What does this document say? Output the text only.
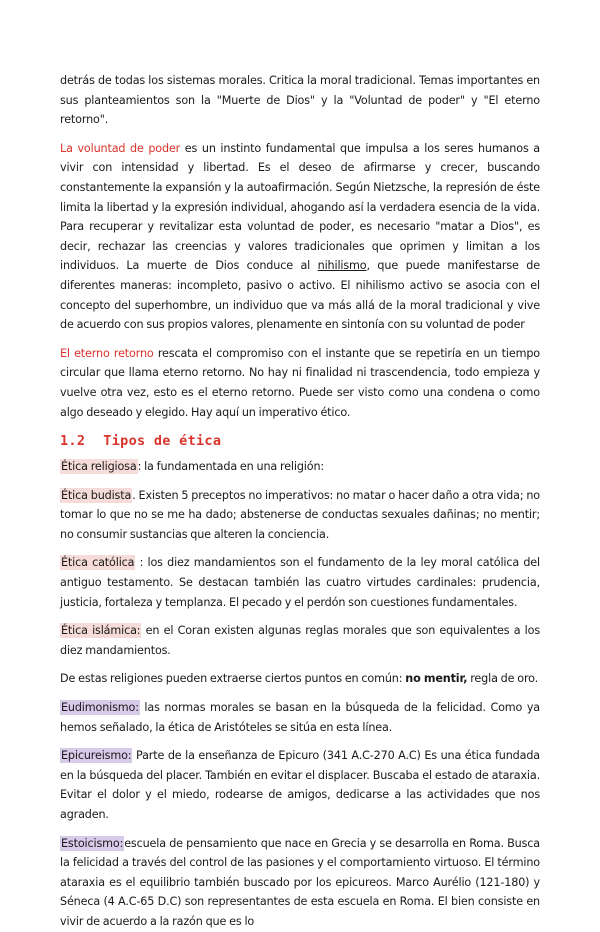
detrás de todas los sistemas morales. Critica la moral tradicional. Temas importantes en sus planteamientos son la "Muerte de Dios" y la "Voluntad de poder" y "El eterno retorno".

La voluntad de poder es un instinto fundamental que impulsa a los seres humanos a vivir con intensidad y libertad. Es el deseo de afirmarse y crecer, buscando constantemente la expansión y la autoafirmación. Según Nietzsche, la represión de éste limita la libertad y la expresión individual, ahogando así la verdadera esencia de la vida. Para recuperar y revitalizar esta voluntad de poder, es necesario "matar a Dios", es decir, rechazar las creencias y valores tradicionales que oprimen y limitan a los individuos. La muerte de Dios conduce al nihilismo, que puede manifestarse de diferentes maneras: incompleto, pasivo o activo. El nihilismo activo se asocia con el concepto del superhombre, un individuo que va más allá de la moral tradicional y vive de acuerdo con sus propios valores, plenamente en sintonía con su voluntad de poder

El eterno retorno rescata el compromiso con el instante que se repetiría en un tiempo circular que llama eterno retorno. No hay ni finalidad ni trascendencia, todo empieza y vuelve otra vez, esto es el eterno retorno. Puede ser visto como una condena o como algo deseado y elegido. Hay aquí un imperativo ético.

1.2 Tipos de ética

Ética religiosa: la fundamentada en una religión:

Ética budista. Existen 5 preceptos no imperativos: no matar o hacer daño a otra vida; no tomar lo que no se me ha dado; abstenerse de conductas sexuales dañinas; no mentir; no consumir sustancias que alteren la conciencia.

Ética católica : los diez mandamientos son el fundamento de la ley moral católica del antiguo testamento. Se destacan también las cuatro virtudes cardinales: prudencia, justicia, fortaleza y templanza. El pecado y el perdón son cuestiones fundamentales.

Ética islámica: en el Coran existen algunas reglas morales que son equivalentes a los diez mandamientos.

De estas religiones pueden extraerse ciertos puntos en común: no mentir, regla de oro.

Eudimonismo: las normas morales se basan en la búsqueda de la felicidad. Como ya hemos señalado, la ética de Aristóteles se sitúa en esta línea.

Epicureismo: Parte de la enseñanza de Epicuro (341 A.C-270 A.C) Es una ética fundada en la búsqueda del placer. También en evitar el displacer. Buscaba el estado de ataraxia. Evitar el dolor y el miedo, rodearse de amigos, dedicarse a las actividades que nos agraden.

Estoicismo:escuela de pensamiento que nace en Grecia y se desarrolla en Roma. Busca la felicidad a través del control de las pasiones y el comportamiento virtuoso. El término ataraxia es el equilibrio también buscado por los epicureos. Marco Aurélio (121-180) y Séneca (4 A.C-65 D.C) son representantes de esta escuela en Roma. El bien consiste en vivir de acuerdo a la razón que es lo
